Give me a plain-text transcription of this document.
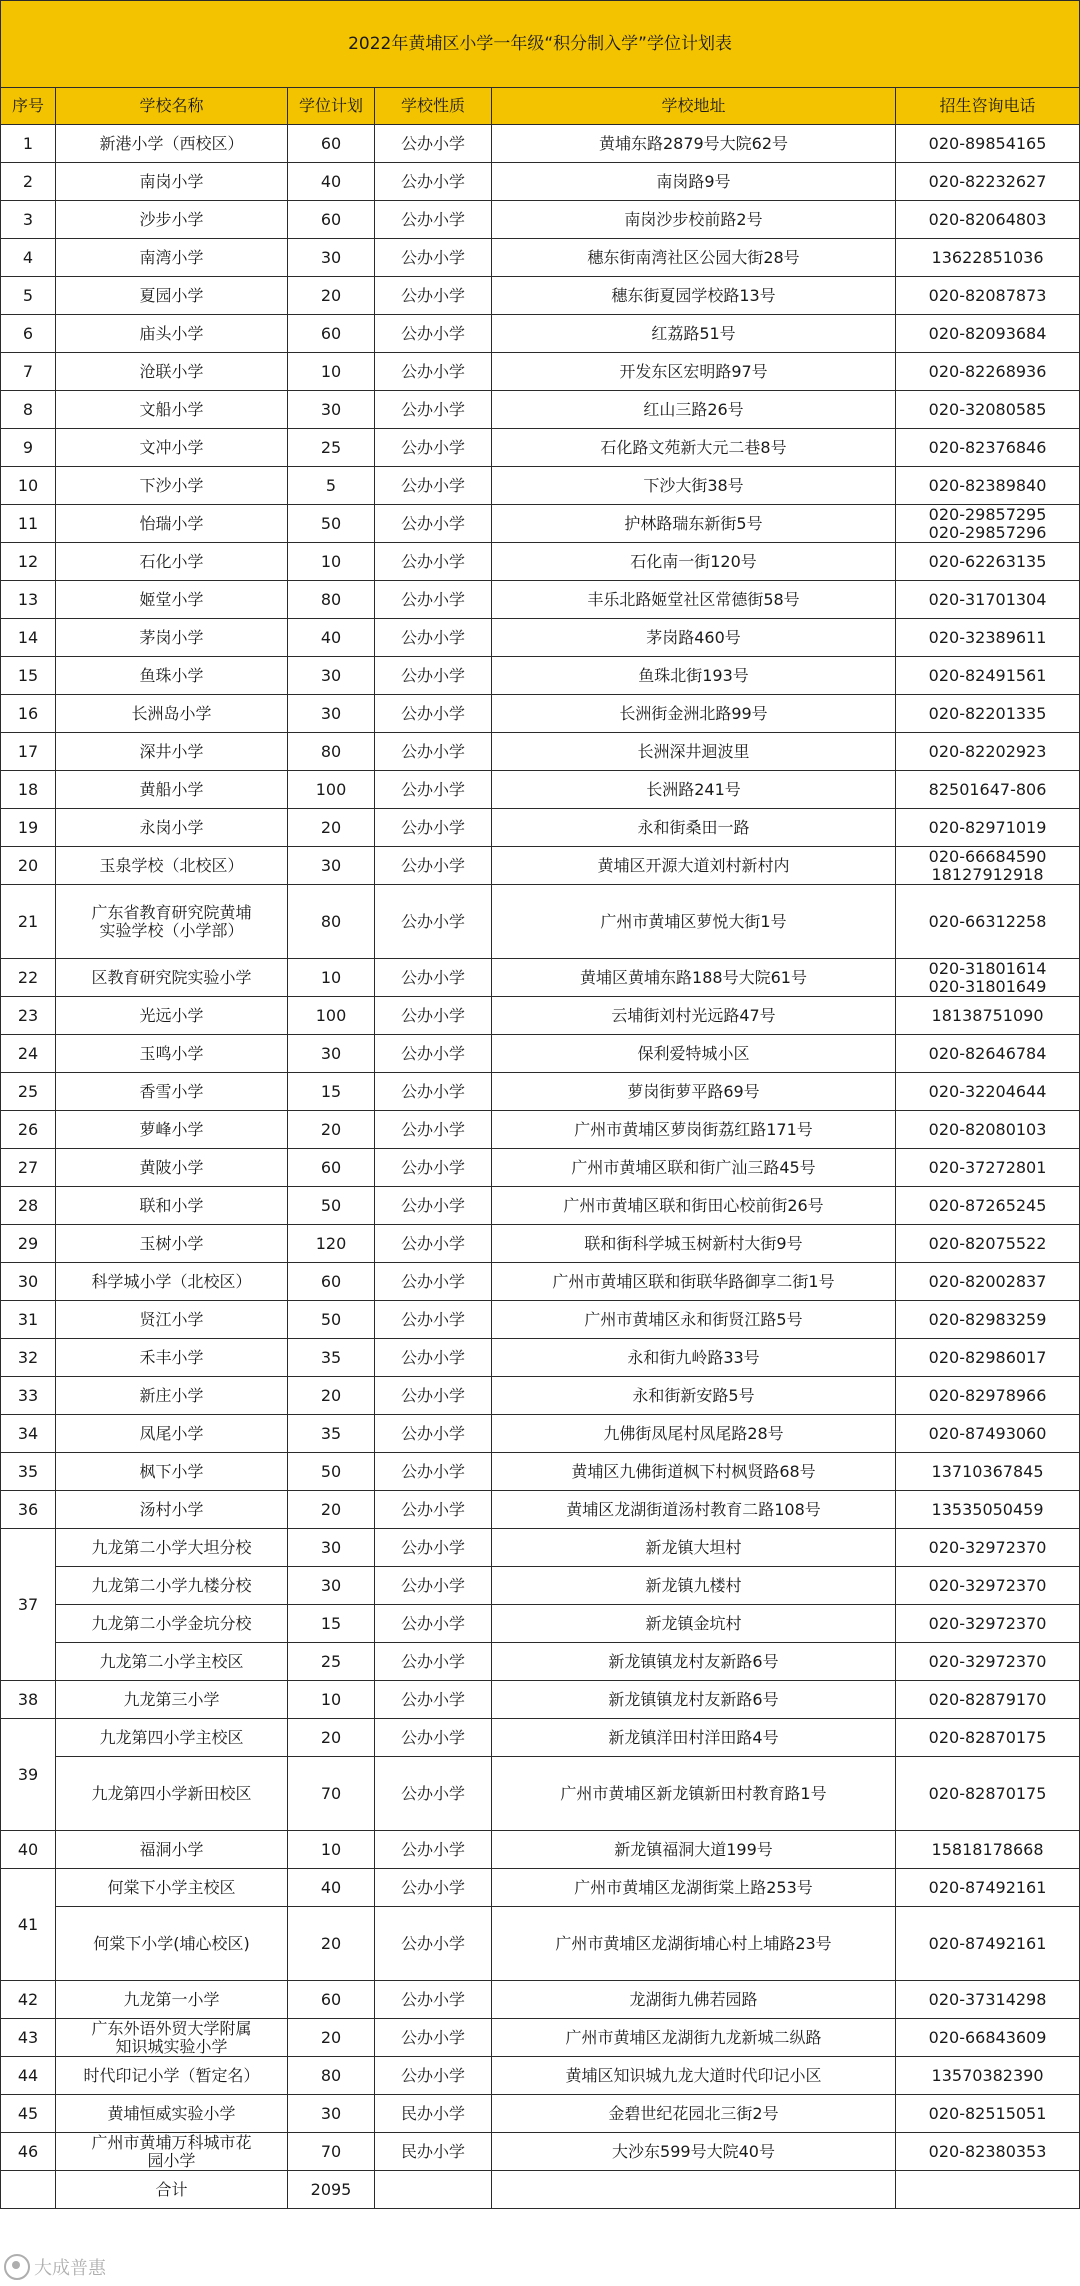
2022年黄埔区小学一年级“积分制入学”学位计划表					
序号	学校名称	学位计划	学校性质	学校地址	招生咨询电话
1	新港小学（西校区）	60	公办小学	黄埔东路2879号大院62号	020-89854165

2	南岗小学	40	公办小学	南岗路9号	020-82232627

3	沙步小学	60	公办小学	南岗沙步校前路2号	020-82064803

4	南湾小学	30	公办小学	穗东街南湾社区公园大街28号	13622851036

5	夏园小学	20	公办小学	穗东街夏园学校路13号	020-82087873

6	庙头小学	60	公办小学	红荔路51号	020-82093684

7	沧联小学	10	公办小学	开发东区宏明路97号	020-82268936

8	文船小学	30	公办小学	红山三路26号	020-32080585

9	文冲小学	25	公办小学	石化路文苑新大元二巷8号	020-82376846

10	下沙小学	5	公办小学	下沙大街38号	020-82389840

11	怡瑞小学	50	公办小学	护林路瑞东新街5号	020-29857295
020-29857296

12	石化小学	10	公办小学	石化南一街120号	020-62263135

13	姬堂小学	80	公办小学	丰乐北路姬堂社区常德街58号	020-31701304

14	茅岗小学	40	公办小学	茅岗路460号	020-32389611

15	鱼珠小学	30	公办小学	鱼珠北街193号	020-82491561

16	长洲岛小学	30	公办小学	长洲街金洲北路99号	020-82201335

17	深井小学	80	公办小学	长洲深井迴波里	020-82202923

18	黄船小学	100	公办小学	长洲路241号	82501647-806

19	永岗小学	20	公办小学	永和街桑田一路	020-82971019

20	玉泉学校（北校区）	30	公办小学	黄埔区开源大道刘村新村内	020-66684590
18127912918

21	广东省教育研究院黄埔
实验学校（小学部）	80	公办小学	广州市黄埔区萝悦大街1号	020-66312258

22	区教育研究院实验小学	10	公办小学	黄埔区黄埔东路188号大院61号	020-31801614
020-31801649

23	光远小学	100	公办小学	云埔街刘村光远路47号	18138751090

24	玉鸣小学	30	公办小学	保利爱特城小区	020-82646784

25	香雪小学	15	公办小学	萝岗街萝平路69号	020-32204644

26	萝峰小学	20	公办小学	广州市黄埔区萝岗街荔红路171号	020-82080103

27	黄陂小学	60	公办小学	广州市黄埔区联和街广汕三路45号	020-37272801

28	联和小学	50	公办小学	广州市黄埔区联和街田心校前街26号	020-87265245

29	玉树小学	120	公办小学	联和街科学城玉树新村大街9号	020-82075522

30	科学城小学（北校区）	60	公办小学	广州市黄埔区联和街联华路御享二街1号	020-82002837

31	贤江小学	50	公办小学	广州市黄埔区永和街贤江路5号	020-82983259

32	禾丰小学	35	公办小学	永和街九岭路33号	020-82986017

33	新庄小学	20	公办小学	永和街新安路5号	020-82978966

34	凤尾小学	35	公办小学	九佛街凤尾村凤尾路28号	020-87493060

35	枫下小学	50	公办小学	黄埔区九佛街道枫下村枫贤路68号	13710367845

36	汤村小学	20	公办小学	黄埔区龙湖街道汤村教育二路108号	13535050459

37	九龙第二小学大坦分校	30	公办小学	新龙镇大坦村	020-32972370

	九龙第二小学九楼分校	30	公办小学	新龙镇九楼村	020-32972370

	九龙第二小学金坑分校	15	公办小学	新龙镇金坑村	020-32972370

	九龙第二小学主校区	25	公办小学	新龙镇镇龙村友新路6号	020-32972370

38	九龙第三小学	10	公办小学	新龙镇镇龙村友新路6号	020-82879170

39	九龙第四小学主校区	20	公办小学	新龙镇洋田村洋田路4号	020-82870175

	九龙第四小学新田校区	70	公办小学	广州市黄埔区新龙镇新田村教育路1号	020-82870175

40	福洞小学	10	公办小学	新龙镇福洞大道199号	15818178668

41	何棠下小学主校区	40	公办小学	广州市黄埔区龙湖街棠上路253号	020-87492161

	何棠下小学(埔心校区)	20	公办小学	广州市黄埔区龙湖街埔心村上埔路23号	020-87492161

42	九龙第一小学	60	公办小学	龙湖街九佛若园路	020-37314298

43	广东外语外贸大学附属
知识城实验小学	20	公办小学	广州市黄埔区龙湖街九龙新城二纵路	020-66843609

44	时代印记小学（暂定名）	80	公办小学	黄埔区知识城九龙大道时代印记小区	13570382390

45	黄埔恒威实验小学	30	民办小学	金碧世纪花园北三街2号	020-82515051

46	广州市黄埔万科城市花
园小学	70	民办小学	大沙东599号大院40号	020-82380353

	合计	2095			
大成普惠
